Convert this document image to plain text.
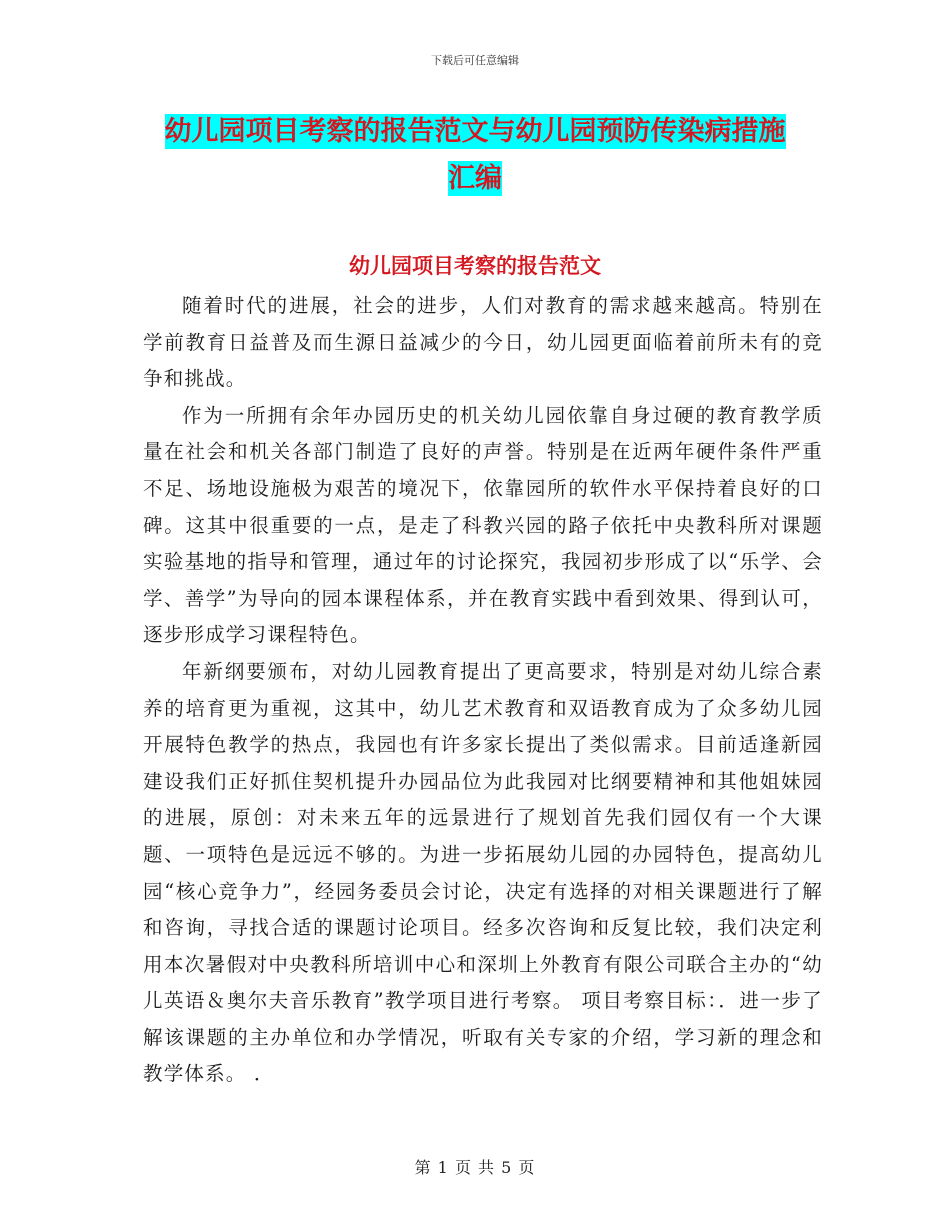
下载后可任意编辑
幼儿园项目考察的报告范文与幼儿园预防传染病措施
汇编
幼儿园项目考察的报告范文

随着时代的进展，社会的进步，人们对教育的需求越来越高。特别在学前教育日益普及而生源日益减少的今日，幼儿园更面临着前所未有的竞争和挑战。

作为一所拥有余年办园历史的机关幼儿园依靠自身过硬的教育教学质量在社会和机关各部门制造了良好的声誉。特别是在近两年硬件条件严重不足、场地设施极为艰苦的境况下，依靠园所的软件水平保持着良好的口碑。这其中很重要的一点，是走了科教兴园的路子依托中央教科所对课题实验基地的指导和管理，通过年的讨论探究，我园初步形成了以“乐学、会学、善学”为导向的园本课程体系，并在教育实践中看到效果、得到认可，逐步形成学习课程特色。

年新纲要颁布，对幼儿园教育提出了更高要求，特别是对幼儿综合素养的培育更为重视，这其中，幼儿艺术教育和双语教育成为了众多幼儿园开展特色教学的热点，我园也有许多家长提出了类似需求。目前适逢新园建设我们正好抓住契机提升办园品位为此我园对比纲要精神和其他姐妹园的进展，原创：对未来五年的远景进行了规划首先我们园仅有一个大课题、一项特色是远远不够的。为进一步拓展幼儿园的办园特色，提高幼儿园“核心竞争力”，经园务委员会讨论，决定有选择的对相关课题进行了解和咨询，寻找合适的课题讨论项目。经多次咨询和反复比较，我们决定利用本次暑假对中央教科所培训中心和深圳上外教育有限公司联合主办的“幼儿英语＆奥尔夫音乐教育”教学项目进行考察。 项目考察目标：．进一步了解该课题的主办单位和办学情况，听取有关专家的介绍，学习新的理念和教学体系。 ．

第 1 页 共 5 页
